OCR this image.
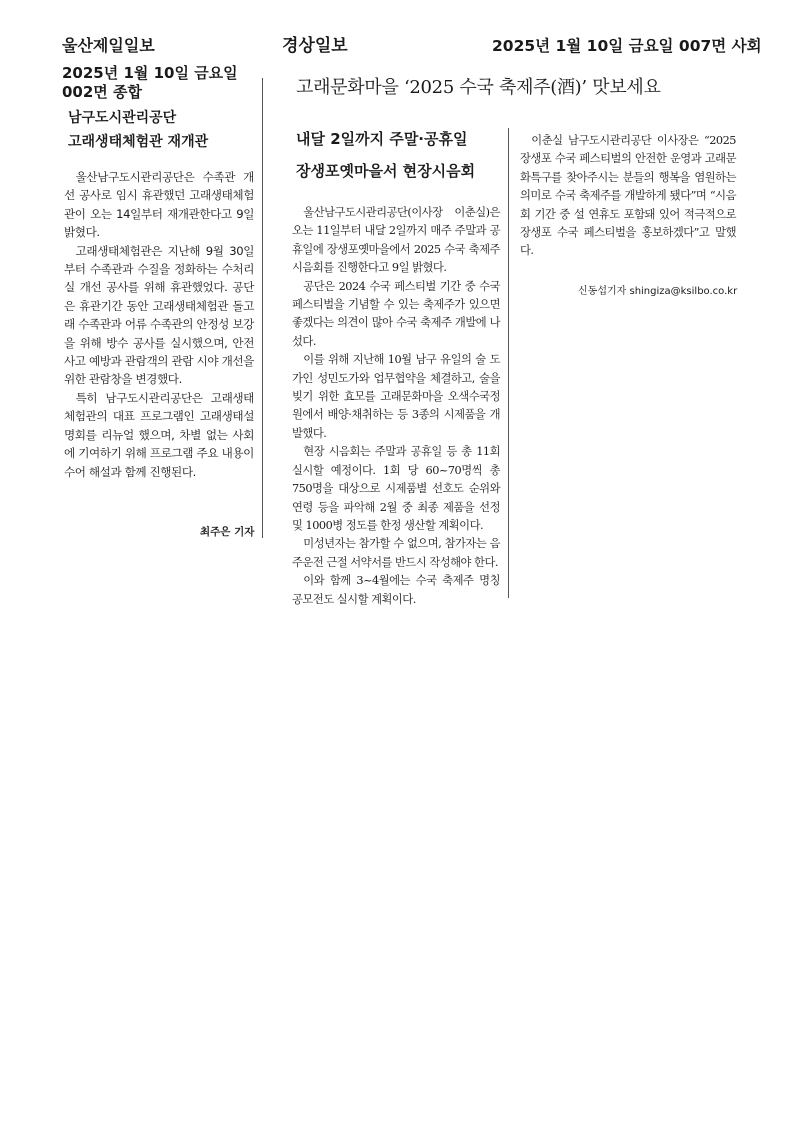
울산제일일보	경상일보	2025년 1월 10일 금요일 007면 사회
2025년 1월 10일 금요일 002면 종합
남구도시관리공단
고래생태체험관 재개관

울산남구도시관리공단은 수족관 개선 공사로 임시 휴관했던 고래생태체험관이 오는 14일부터 재개관한다고 9일 밝혔다.

고래생태체험관은 지난해 9월 30일부터 수족관과 수질을 정화하는 수처리실 개선 공사를 위해 휴관했었다. 공단은 휴관기간 동안 고래생태체험관 돌고래 수족관과 어류 수족관의 안정성 보강을 위해 방수 공사를 실시했으며, 안전사고 예방과 관람객의 관람 시야 개선을 위한 관람창을 변경했다.

특히 남구도시관리공단은 고래생태체험관의 대표 프로그램인 고래생태설명회를 리뉴얼 했으며, 차별 없는 사회에 기여하기 위해 프로그램 주요 내용이 수어 해설과 함께 진행된다.

최주은 기자
고래문화마을 ‘2025 수국 축제주(酒)’ 맛보세요
내달 2일까지 주말·공휴일
장생포옛마을서 현장시음회

울산남구도시관리공단(이사장 이춘실)은 오는 11일부터 내달 2일까지 매주 주말과 공휴일에 장생포옛마을에서 2025 수국 축제주 시음회를 진행한다고 9일 밝혔다.

공단은 2024 수국 페스티벌 기간 중 수국 페스티벌을 기념할 수 있는 축제주가 있으면 좋겠다는 의견이 많아 수국 축제주 개발에 나섰다.

이를 위해 지난해 10월 남구 유일의 술 도가인 성민도가와 업무협약을 체결하고, 술을 빚기 위한 효모를 고래문화마을 오색수국정원에서 배양·채취하는 등 3종의 시제품을 개발했다.

현장 시음회는 주말과 공휴일 등 총 11회 실시할 예정이다. 1회 당 60~70명씩 총 750명을 대상으로 시제품별 선호도 순위와 연령 등을 파악해 2월 중 최종 제품을 선정 및 1000병 정도를 한정 생산할 계획이다.

미성년자는 참가할 수 없으며, 참가자는 음주운전 근절 서약서를 반드시 작성해야 한다.

이와 함께 3~4월에는 수국 축제주 명칭 공모전도 실시할 계획이다.

이춘실 남구도시관리공단 이사장은 “2025 장생포 수국 페스티벌의 안전한 운영과 고래문화특구를 찾아주시는 분들의 행복을 염원하는 의미로 수국 축제주를 개발하게 됐다”며 “시음회 기간 중 설 연휴도 포함돼 있어 적극적으로 장생포 수국 페스티벌을 홍보하겠다”고 말했다.

신동섭기자 shingiza@ksilbo.co.kr
